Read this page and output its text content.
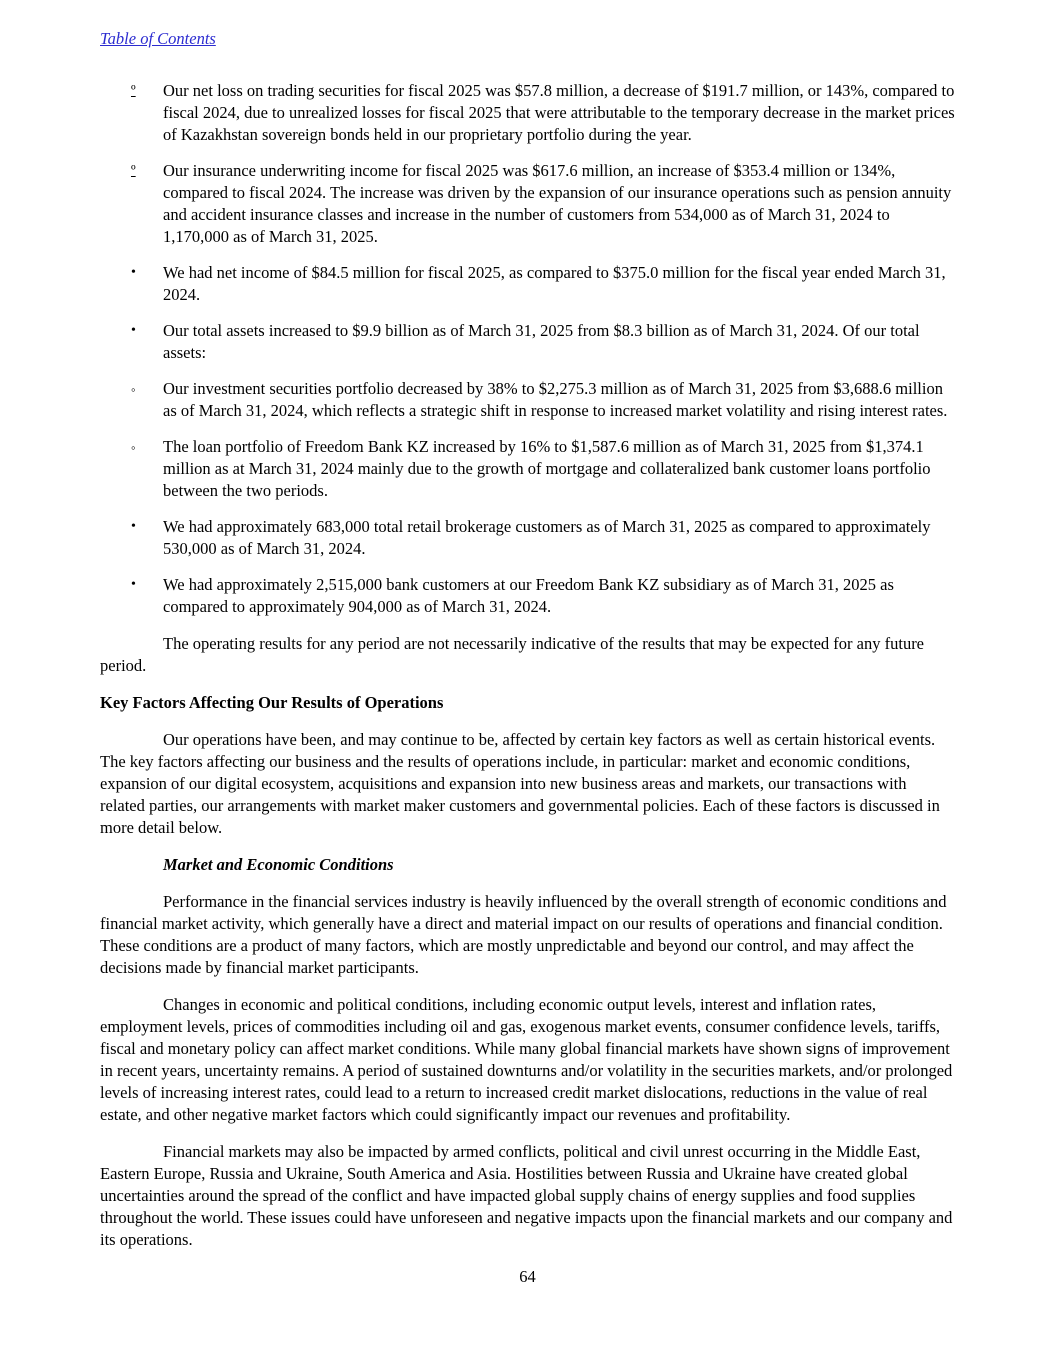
Table of Contents
º Our net loss on trading securities for fiscal 2025 was $57.8 million, a decrease of $191.7 million, or 143%, compared to fiscal 2024, due to unrealized losses for fiscal 2025 that were attributable to the temporary decrease in the market prices of Kazakhstan sovereign bonds held in our proprietary portfolio during the year.
º Our insurance underwriting income for fiscal 2025 was $617.6 million, an increase of $353.4 million or 134%, compared to fiscal 2024. The increase was driven by the expansion of our insurance operations such as pension annuity and accident insurance classes and increase in the number of customers from 534,000 as of March 31, 2024 to 1,170,000 as of March 31, 2025.
• We had net income of $84.5 million for fiscal 2025, as compared to $375.0 million for the fiscal year ended March 31, 2024.
• Our total assets increased to $9.9 billion as of March 31, 2025 from $8.3 billion as of March 31, 2024. Of our total assets:
◦ Our investment securities portfolio decreased by 38% to $2,275.3 million as of March 31, 2025 from $3,688.6 million as of March 31, 2024, which reflects a strategic shift in response to increased market volatility and rising interest rates.
◦ The loan portfolio of Freedom Bank KZ increased by 16% to $1,587.6 million as of March 31, 2025 from $1,374.1 million as at March 31, 2024 mainly due to the growth of mortgage and collateralized bank customer loans portfolio between the two periods.
• We had approximately 683,000 total retail brokerage customers as of March 31, 2025 as compared to approximately 530,000 as of March 31, 2024.
• We had approximately 2,515,000 bank customers at our Freedom Bank KZ subsidiary as of March 31, 2025 as compared to approximately 904,000 as of March 31, 2024.

The operating results for any period are not necessarily indicative of the results that may be expected for any future period.

Key Factors Affecting Our Results of Operations

Our operations have been, and may continue to be, affected by certain key factors as well as certain historical events. The key factors affecting our business and the results of operations include, in particular: market and economic conditions, expansion of our digital ecosystem, acquisitions and expansion into new business areas and markets, our transactions with related parties, our arrangements with market maker customers and governmental policies. Each of these factors is discussed in more detail below.

Market and Economic Conditions

Performance in the financial services industry is heavily influenced by the overall strength of economic conditions and financial market activity, which generally have a direct and material impact on our results of operations and financial condition. These conditions are a product of many factors, which are mostly unpredictable and beyond our control, and may affect the decisions made by financial market participants.

Changes in economic and political conditions, including economic output levels, interest and inflation rates, employment levels, prices of commodities including oil and gas, exogenous market events, consumer confidence levels, tariffs, fiscal and monetary policy can affect market conditions. While many global financial markets have shown signs of improvement in recent years, uncertainty remains. A period of sustained downturns and/or volatility in the securities markets, and/or prolonged levels of increasing interest rates, could lead to a return to increased credit market dislocations, reductions in the value of real estate, and other negative market factors which could significantly impact our revenues and profitability.

Financial markets may also be impacted by armed conflicts, political and civil unrest occurring in the Middle East, Eastern Europe, Russia and Ukraine, South America and Asia. Hostilities between Russia and Ukraine have created global uncertainties around the spread of the conflict and have impacted global supply chains of energy supplies and food supplies throughout the world. These issues could have unforeseen and negative impacts upon the financial markets and our company and its operations.

64
